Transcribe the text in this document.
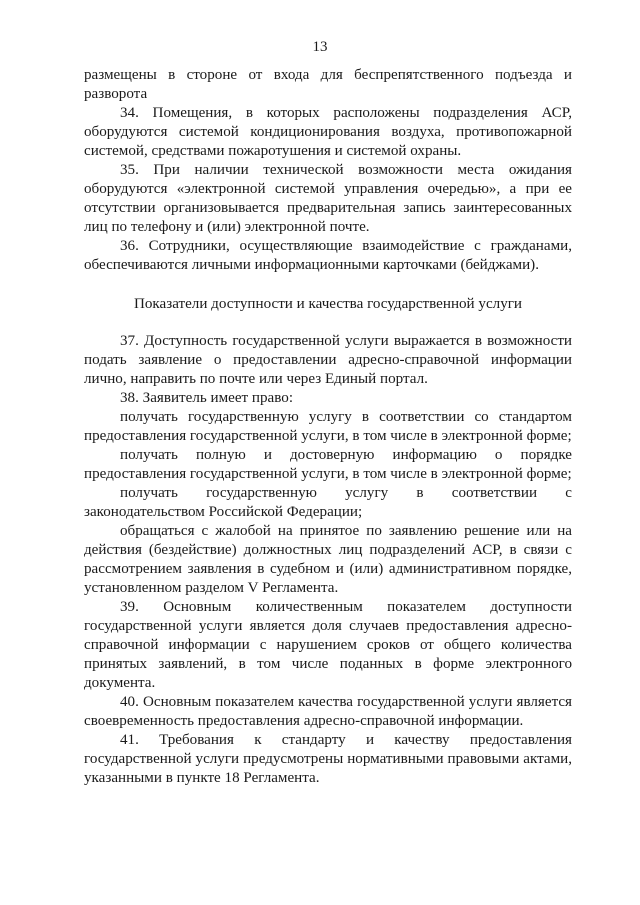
13

размещены в стороне от входа для беспрепятственного подъезда и разворота

34. Помещения, в которых расположены подразделения АСР, оборудуются системой кондиционирования воздуха, противопожарной системой, средствами пожаротушения и системой охраны.

35. При наличии технической возможности места ожидания оборудуются «электронной системой управления очередью», а при ее отсутствии организовывается предварительная запись заинтересованных лиц по телефону и (или) электронной почте.

36. Сотрудники, осуществляющие взаимодействие с гражданами, обеспечиваются личными информационными карточками (бейджами).

Показатели доступности и качества государственной услуги

37. Доступность государственной услуги выражается в возможности подать заявление о предоставлении адресно-справочной информации лично, направить по почте или через Единый портал.

38. Заявитель имеет право:

получать государственную услугу в соответствии со стандартом предоставления государственной услуги, в том числе в электронной форме;

получать полную и достоверную информацию о порядке предоставления государственной услуги, в том числе в электронной форме;

получать государственную услугу в соответствии с законодательством Российской Федерации;

обращаться с жалобой на принятое по заявлению решение или на действия (бездействие) должностных лиц подразделений АСР, в связи с рассмотрением заявления в судебном и (или) административном порядке, установленном разделом V Регламента.

39. Основным количественным показателем доступности государственной услуги является доля случаев предоставления адресно-справочной информации с нарушением сроков от общего количества принятых заявлений, в том числе поданных в форме электронного документа.

40. Основным показателем качества государственной услуги является своевременность предоставления адресно-справочной информации.

41. Требования к стандарту и качеству предоставления государственной услуги предусмотрены нормативными правовыми актами, указанными в пункте 18 Регламента.
